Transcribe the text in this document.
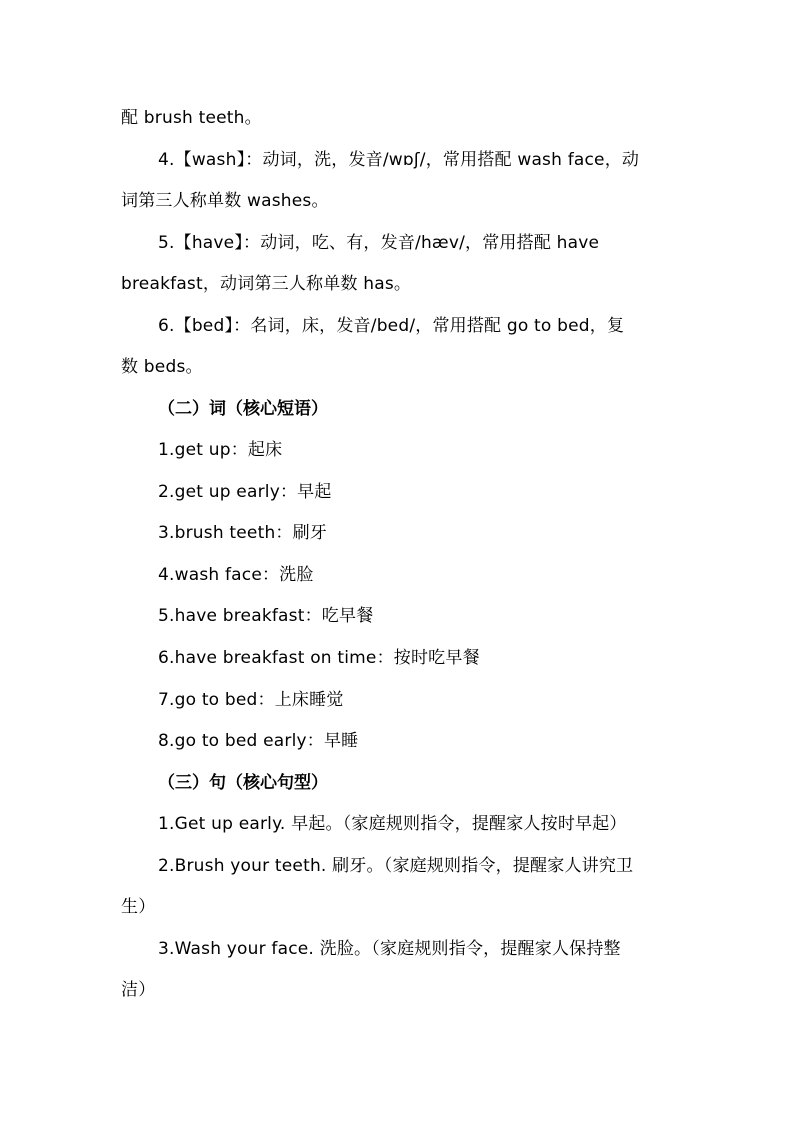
配 brush teeth。
4.【wash】：动词，洗，发音/wɒʃ/，常用搭配 wash face，动
词第三人称单数 washes。
5.【have】：动词，吃、有，发音/hæv/，常用搭配 have
breakfast，动词第三人称单数 has。
6.【bed】：名词，床，发音/bed/，常用搭配 go to bed，复
数 beds。
（二）词（核心短语）
1.get up：起床
2.get up early：早起
3.brush teeth：刷牙
4.wash face：洗脸
5.have breakfast：吃早餐
6.have breakfast on time：按时吃早餐
7.go to bed：上床睡觉
8.go to bed early：早睡
（三）句（核心句型）
1.Get up early. 早起。（家庭规则指令，提醒家人按时早起）
2.Brush your teeth. 刷牙。（家庭规则指令，提醒家人讲究卫
生）
3.Wash your face. 洗脸。（家庭规则指令，提醒家人保持整
洁）
